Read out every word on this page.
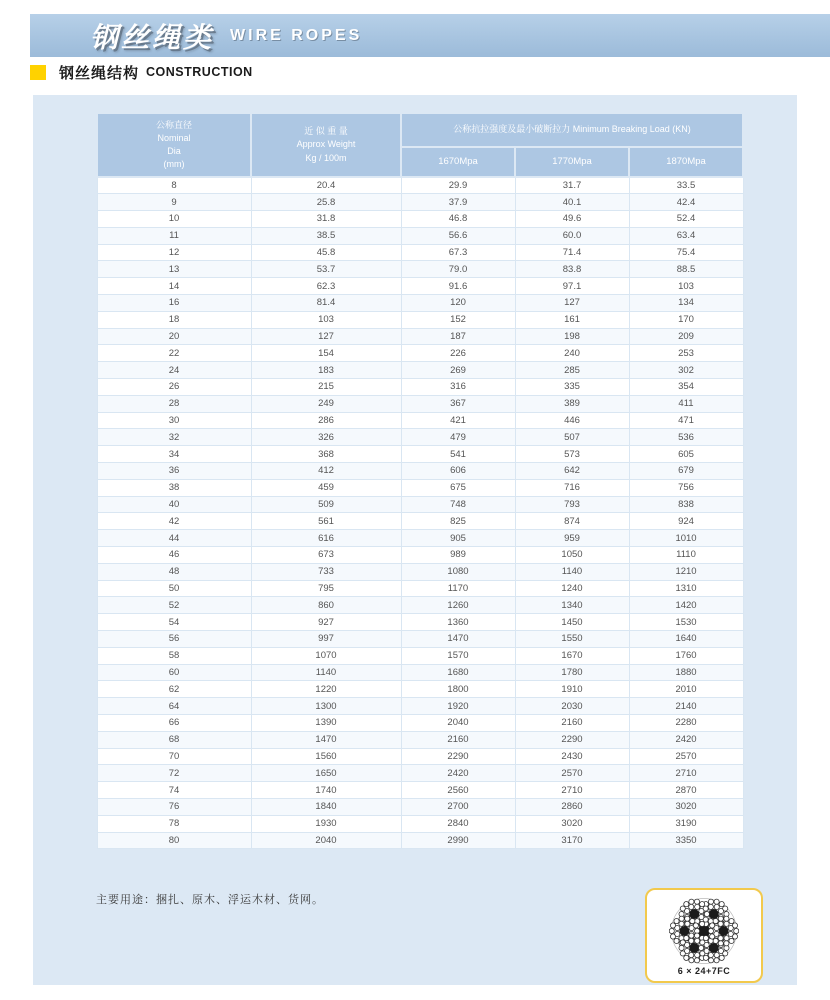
钢丝绳类 WIRE ROPES
钢丝绳结构 CONSTRUCTION
公称直径
Nominal
Dia
(mm)	近 似 重 量
Approx Weight
Kg / 100m	公称抗拉强度及最小破断拉力 Minimum Breaking Load (KN)		
		1670Mpa	1770Mpa	1870Mpa
8	20.4	29.9	31.7	33.5
9	25.8	37.9	40.1	42.4
10	31.8	46.8	49.6	52.4
11	38.5	56.6	60.0	63.4
12	45.8	67.3	71.4	75.4
13	53.7	79.0	83.8	88.5
14	62.3	91.6	97.1	103
16	81.4	120	127	134
18	103	152	161	170
20	127	187	198	209
22	154	226	240	253
24	183	269	285	302
26	215	316	335	354
28	249	367	389	411
30	286	421	446	471
32	326	479	507	536
34	368	541	573	605
36	412	606	642	679
38	459	675	716	756
40	509	748	793	838
42	561	825	874	924
44	616	905	959	1010
46	673	989	1050	1110
48	733	1080	1140	1210
50	795	1170	1240	1310
52	860	1260	1340	1420
54	927	1360	1450	1530
56	997	1470	1550	1640
58	1070	1570	1670	1760
60	1140	1680	1780	1880
62	1220	1800	1910	2010
64	1300	1920	2030	2140
66	1390	2040	2160	2280
68	1470	2160	2290	2420
70	1560	2290	2430	2570
72	1650	2420	2570	2710
74	1740	2560	2710	2870
76	1840	2700	2860	3020
78	1930	2840	3020	3190
80	2040	2990	3170	3350
主要用途：捆扎、原木、浮运木材、货网。
6 × 24+7FC
